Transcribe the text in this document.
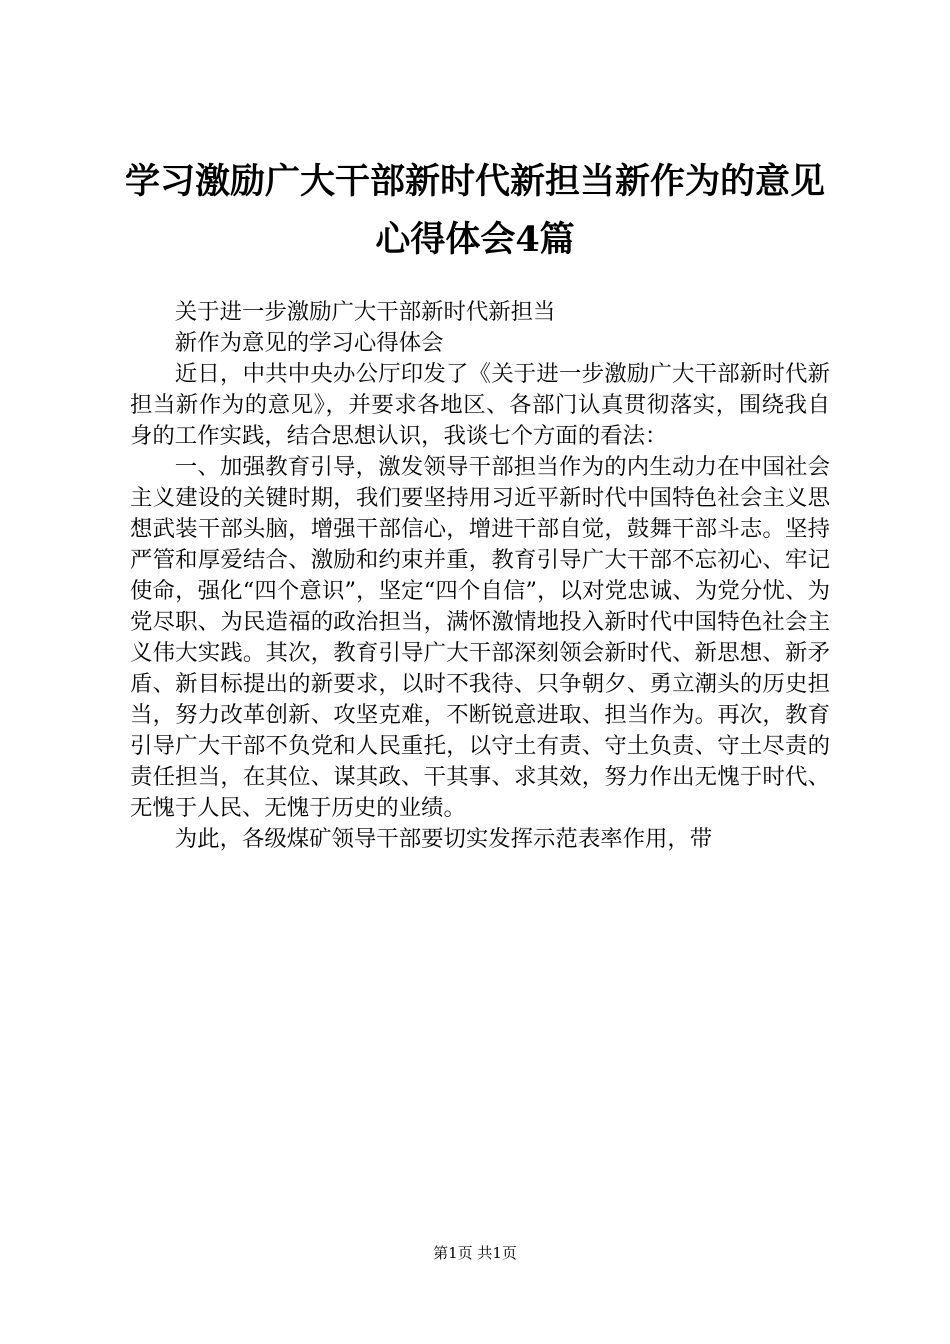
学习激励广大干部新时代新担当新作为的意见
心得体会4篇

关于进一步激励广大干部新时代新担当

新作为意见的学习心得体会

近日，中共中央办公厅印发了《关于进一步激励广大干部新时代新担当新作为的意见》，并要求各地区、各部门认真贯彻落实，围绕我自身的工作实践，结合思想认识，我谈七个方面的看法：

一、加强教育引导，激发领导干部担当作为的内生动力在中国社会主义建设的关键时期，我们要坚持用习近平新时代中国特色社会主义思想武装干部头脑，增强干部信心，增进干部自觉，鼓舞干部斗志。坚持严管和厚爱结合、激励和约束并重，教育引导广大干部不忘初心、牢记使命，强化“四个意识”，坚定“四个自信”，以对党忠诚、为党分忧、为党尽职、为民造福的政治担当，满怀激情地投入新时代中国特色社会主义伟大实践。其次，教育引导广大干部深刻领会新时代、新思想、新矛盾、新目标提出的新要求，以时不我待、只争朝夕、勇立潮头的历史担当，努力改革创新、攻坚克难，不断锐意进取、担当作为。再次，教育引导广大干部不负党和人民重托，以守土有责、守土负责、守土尽责的责任担当，在其位、谋其政、干其事、求其效，努力作出无愧于时代、无愧于人民、无愧于历史的业绩。

为此，各级煤矿领导干部要切实发挥示范表率作用，带

第1页 共1页
